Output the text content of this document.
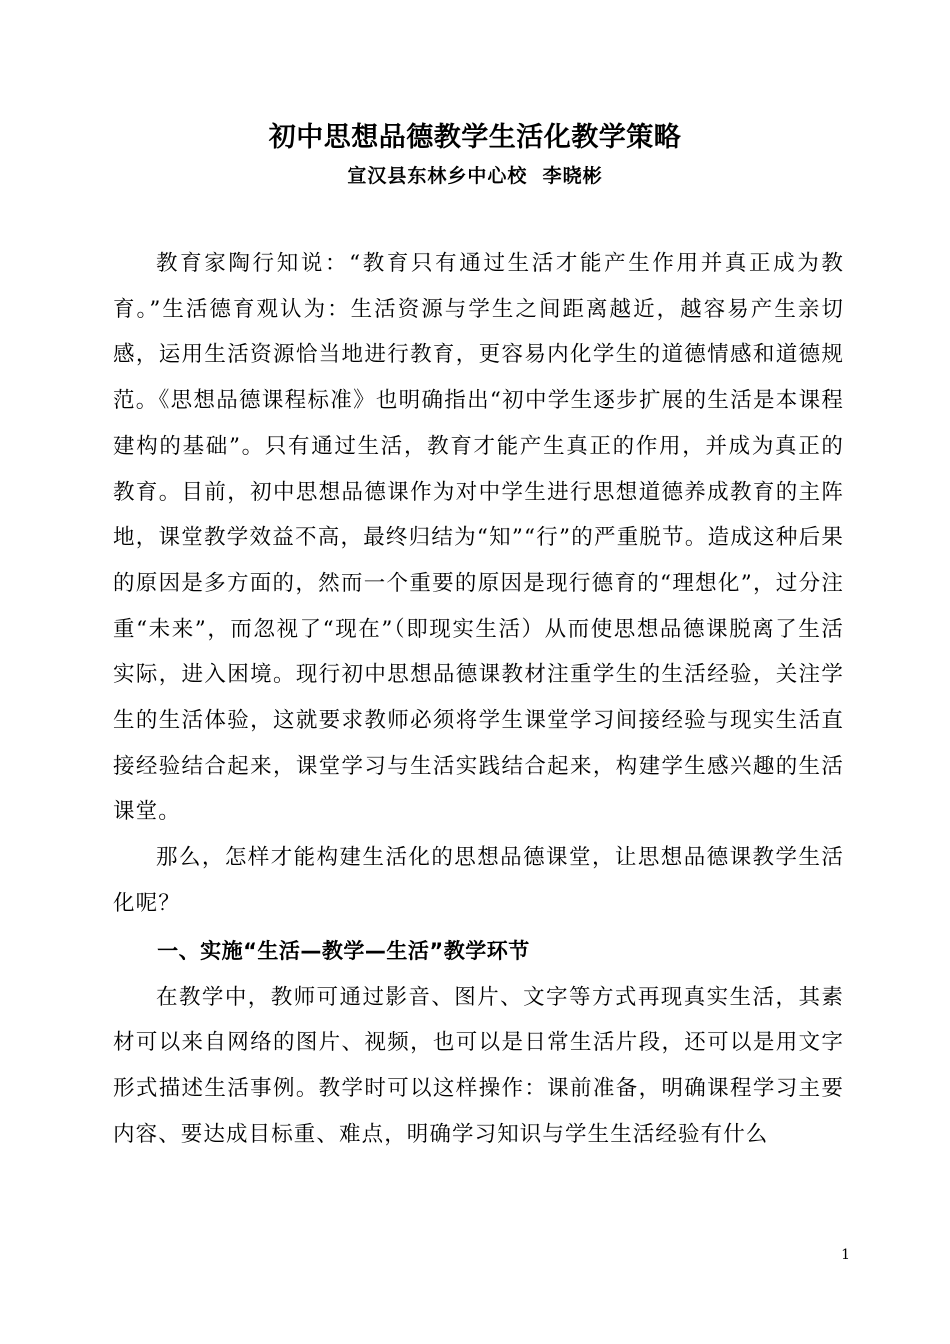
初中思想品德教学生活化教学策略
宣汉县东林乡中心校  李晓彬

教育家陶行知说：“教育只有通过生活才能产生作用并真正成为教育。”生活德育观认为：生活资源与学生之间距离越近，越容易产生亲切感，运用生活资源恰当地进行教育，更容易内化学生的道德情感和道德规范。《思想品德课程标准》也明确指出“初中学生逐步扩展的生活是本课程建构的基础”。只有通过生活，教育才能产生真正的作用，并成为真正的教育。目前，初中思想品德课作为对中学生进行思想道德养成教育的主阵地，课堂教学效益不高，最终归结为“知”“行”的严重脱节。造成这种后果的原因是多方面的，然而一个重要的原因是现行德育的“理想化”，过分注重“未来”，而忽视了“现在”（即现实生活）从而使思想品德课脱离了生活实际，进入困境。现行初中思想品德课教材注重学生的生活经验，关注学生的生活体验，这就要求教师必须将学生课堂学习间接经验与现实生活直接经验结合起来，课堂学习与生活实践结合起来，构建学生感兴趣的生活课堂。

那么，怎样才能构建生活化的思想品德课堂，让思想品德课教学生活化呢？

一、实施“生活—教学—生活”教学环节

在教学中，教师可通过影音、图片、文字等方式再现真实生活，其素材可以来自网络的图片、视频，也可以是日常生活片段，还可以是用文字形式描述生活事例。教学时可以这样操作：课前准备，明确课程学习主要内容、要达成目标重、难点，明确学习知识与学生生活经验有什么

1
